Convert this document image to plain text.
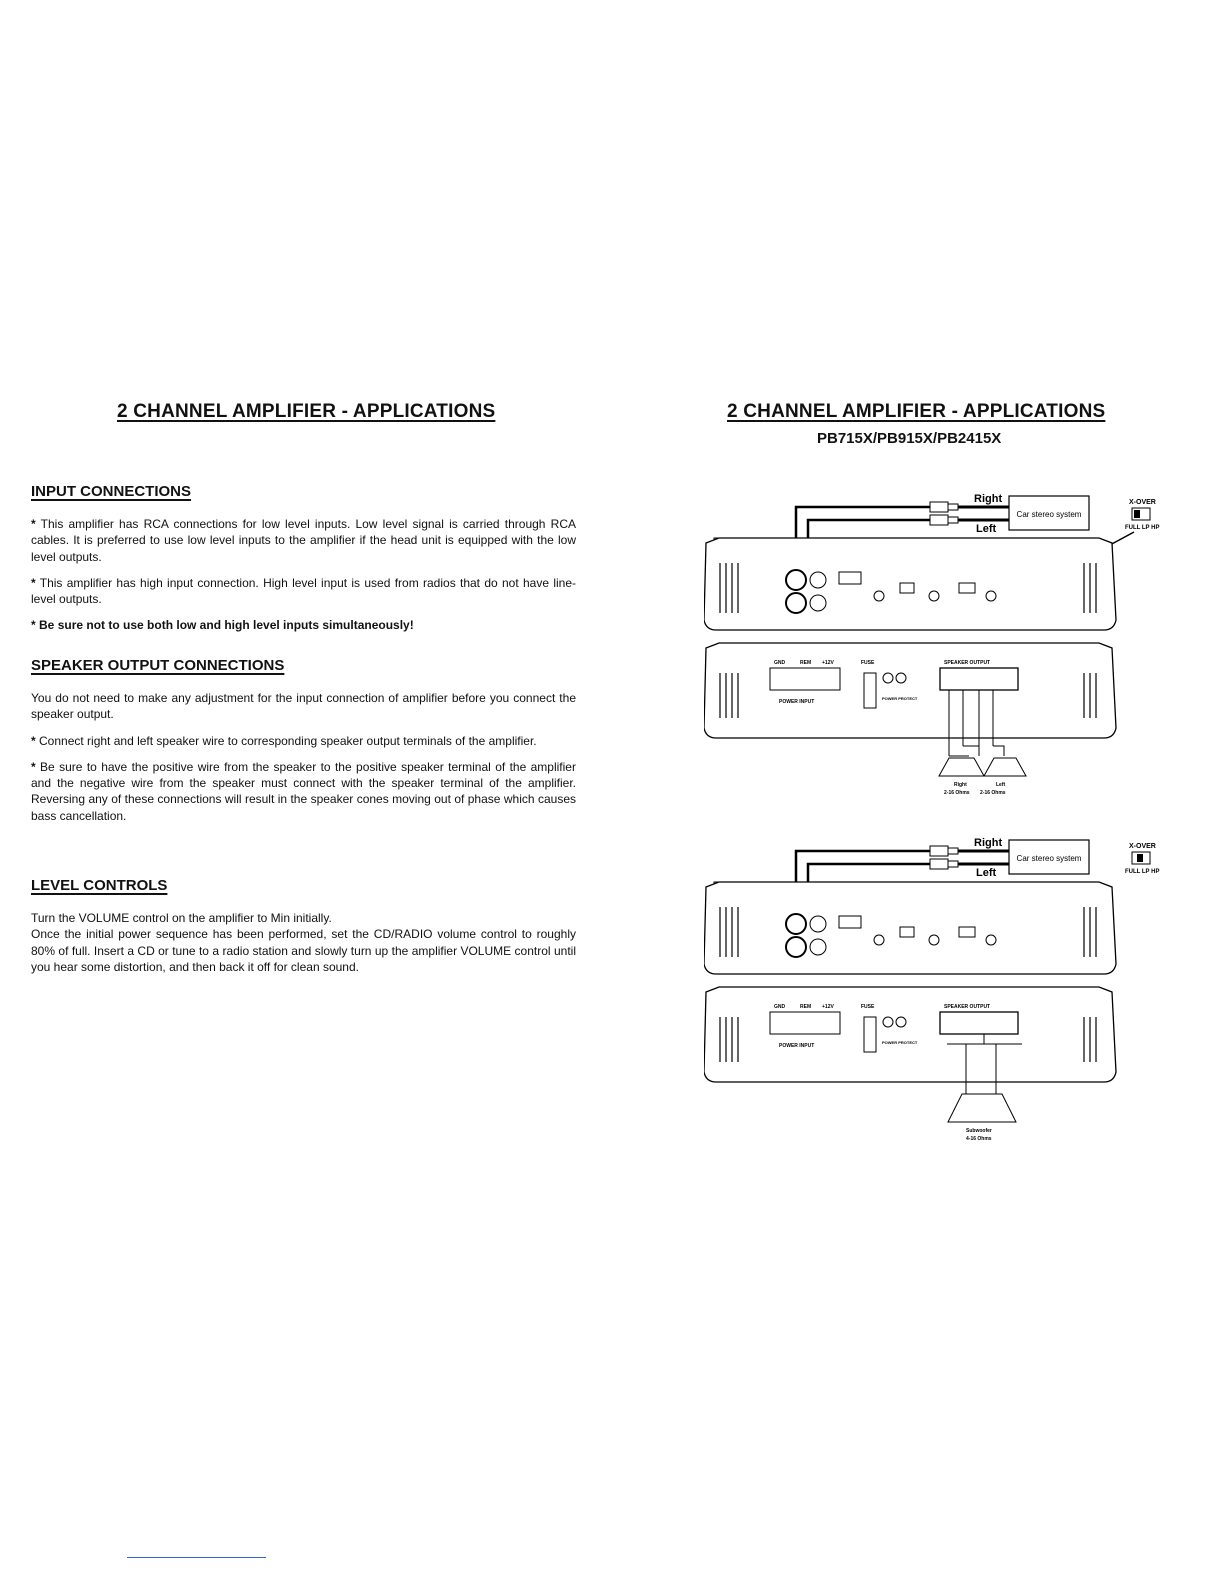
2 CHANNEL AMPLIFIER - APPLICATIONS
INPUT CONNECTIONS

* This amplifier has RCA connections for low level inputs. Low level signal is carried through RCA cables. It is preferred to use low level inputs to the amplifier if the head unit is equipped with the low level outputs.

* This amplifier has high input connection. High level input is used from radios that do not have line-level outputs.

* Be sure not to use both low and high level inputs simultaneously!

SPEAKER OUTPUT CONNECTIONS

You do not need to make any adjustment for the input connection of amplifier before you connect the speaker output.

* Connect right and left speaker wire to corresponding speaker output terminals of the amplifier.

* Be sure to have the positive wire from the speaker to the positive speaker terminal of the amplifier and the negative wire from the speaker must connect with the speaker terminal of the amplifier. Reversing any of these connections will result in the speaker cones moving out of phase which causes bass cancellation.

LEVEL CONTROLS

Turn the VOLUME control on the amplifier to Min initially.

Once the initial power sequence has been performed, set the CD/RADIO volume control to roughly 80% of full. Insert a CD or tune to a radio station and slowly turn up the amplifier VOLUME control until you hear some distortion, and then back it off for clean sound.

2 CHANNEL AMPLIFIER - APPLICATIONS
PB715X/PB915X/PB2415X
Car stereo system
Right
Left
X-OVER
FULL LP HP
GND	REM +12V
POWER INPUT
FUSE
POWER PROTECT
SPEAKER OUTPUT
Right	Left
2-16 Ohms 2-16 Ohms
Car stereo system
Right
Left
X-OVER
FULL LP HP
GND	REM +12V
POWER INPUT
FUSE
POWER PROTECT
SPEAKER OUTPUT
Subwoofer
4-16 Ohms
